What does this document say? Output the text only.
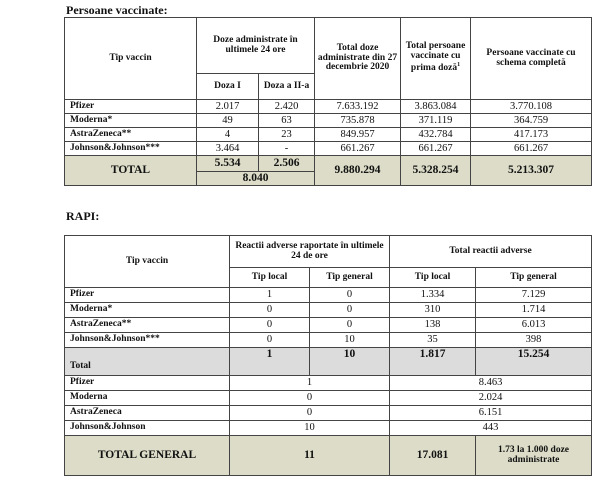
Persoane vaccinate:
Tip vaccin	Doze administrate în ultimele 24 ore		Total doze administrate din 27 decembrie 2020	Total persoane vaccinate cu prima doză$^1$	Persoane vaccinate cu schema completă
	Doza I	Doza a II-a			
Pfizer	2.017	2.420	7.633.192	3.863.084	3.770.108
Moderna*	49	63	735.878	371.119	364.759
AstraZeneca**	4	23	849.957	432.784	417.173
Johnson&Johnson***	3.464	-	661.267	661.267	661.267
TOTAL	5.534	2.506	9.880.294	5.328.254	5.213.307
	8.040				
RAPI:
Tip vaccin	Reactii adverse raportate în ultimele 24 de ore		Total reactii adverse	
	Tip local	Tip general	Tip local	Tip general
Pfizer	1	0	1.334	7.129
Moderna*	0	0	310	1.714
AstraZeneca**	0	0	138	6.013
Johnson&Johnson***	0	10	35	398
Total	1	10	1.817	15.254
Pfizer	1		8.463	
Moderna	0		2.024	
AstraZeneca	0		6.151	
Johnson&Johnson	10		443	
TOTAL GENERAL	11		17.081	1.73 la 1.000 doze administrate
